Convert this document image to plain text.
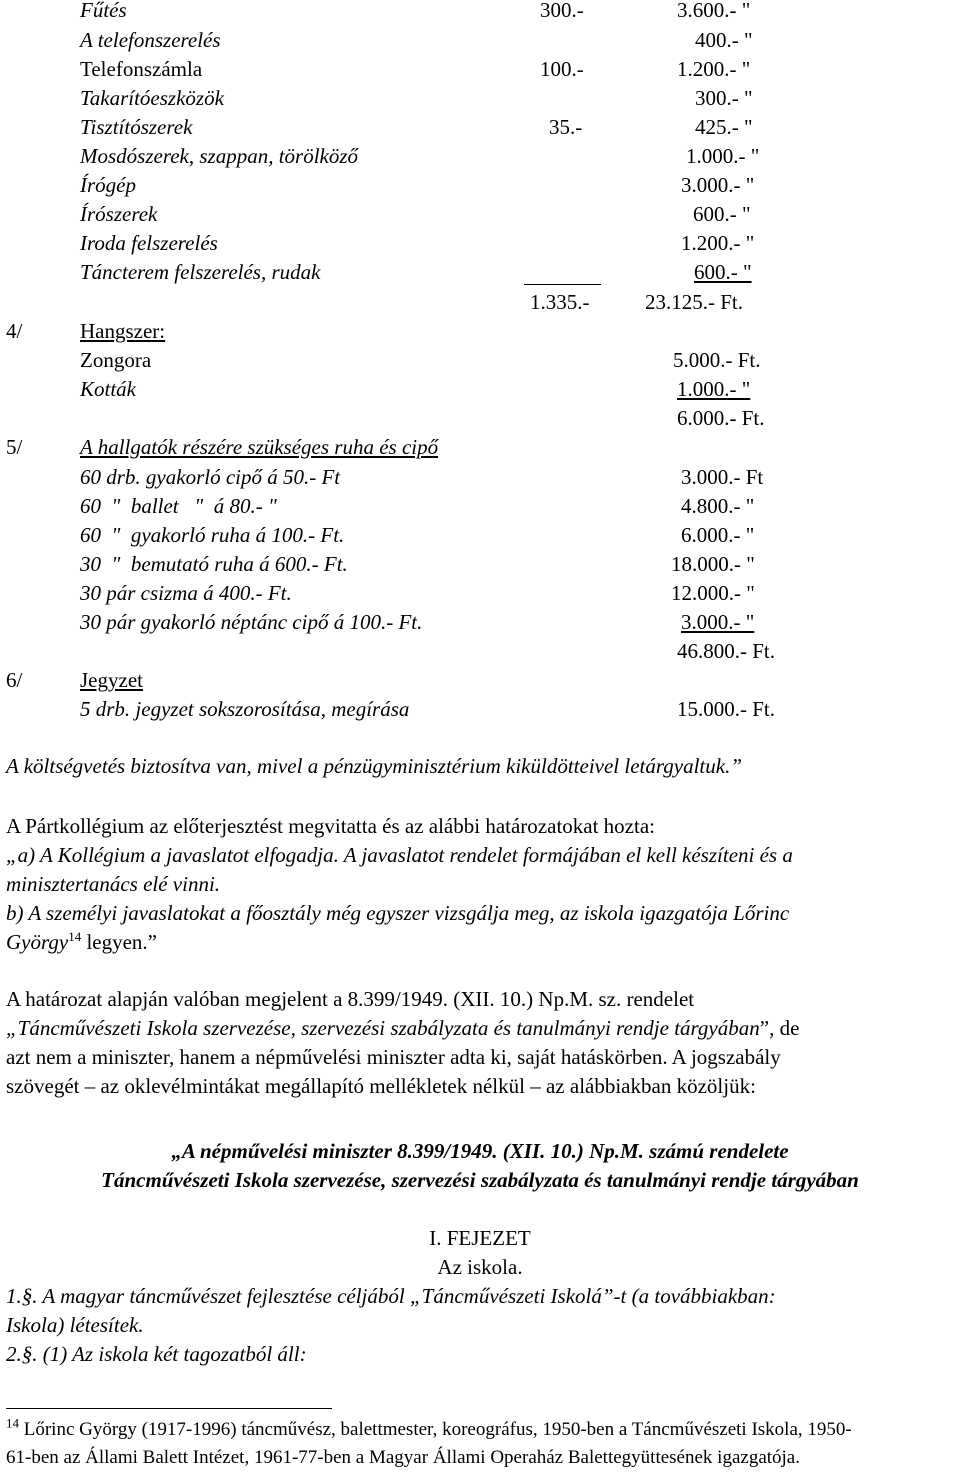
Fűtés	300.-	3.600.- "
A telefonszerelés	400.- "
Telefonszámla	100.-	1.200.- "
Takarítóeszközök	300.- "
Tisztítószerek	35.-	425.- "
Mosdószerek, szappan, törölköző	1.000.- "
Írógép	3.000.- "
Írószerek	600.- "
Iroda felszerelés	1.200.- "
Táncterem felszerelés, rudak	600.- "
1.335.-	23.125.- Ft.
4/	Hangszer:
Zongora	5.000.- Ft.
Kották	1.000.- "
6.000.- Ft.
5/	A hallgatók részére szükséges ruha és cipő
60 drb. gyakorló cipő á 50.- Ft	3.000.- Ft
60  "  ballet   "  á 80.- "	4.800.- "
60  "  gyakorló ruha á 100.- Ft.	6.000.- "
30  "  bemutató ruha á 600.- Ft.	18.000.- "
30 pár csizma á 400.- Ft.	12.000.- "
30 pár gyakorló néptánc cipő á 100.- Ft.	3.000.- "
46.800.- Ft.
6/	Jegyzet
5 drb. jegyzet sokszorosítása, megírása	15.000.- Ft.
A költségvetés biztosítva van, mivel a pénzügyminisztérium kiküldötteivel letárgyaltuk.”
A Pártkollégium az előterjesztést megvitatta és az alábbi határozatokat hozta:
„a) A Kollégium a javaslatot elfogadja. A javaslatot rendelet formájában el kell készíteni és a
minisztertanács elé vinni.
b) A személyi javaslatokat a főosztály még egyszer vizsgálja meg, az iskola igazgatója Lőrinc
György$^{14}$ legyen.”
A határozat alapján valóban megjelent a 8.399/1949. (XII. 10.) Np.M. sz. rendelet
„Táncművészeti Iskola szervezése, szervezési szabályzata és tanulmányi rendje tárgyában”, de
azt nem a miniszter, hanem a népművelési miniszter adta ki, saját hatáskörben. A jogszabály
szövegét – az oklevélmintákat megállapító mellékletek nélkül – az alábbiakban közöljük:
„A népművelési miniszter 8.399/1949. (XII. 10.) Np.M. számú rendelete
Táncművészeti Iskola szervezése, szervezési szabályzata és tanulmányi rendje tárgyában
I. FEJEZET
Az iskola.
1.§. A magyar táncművészet fejlesztése céljából „Táncművészeti Iskolá”-t (a továbbiakban:
Iskola) létesítek.
2.§. (1) Az iskola két tagozatból áll:
$^{14}$ Lőrinc György (1917-1996) táncművész, balettmester, koreográfus, 1950-ben a Táncművészeti Iskola, 1950-
61-ben az Állami Balett Intézet, 1961-77-ben a Magyar Állami Operaház Balettegyüttesének igazgatója.
